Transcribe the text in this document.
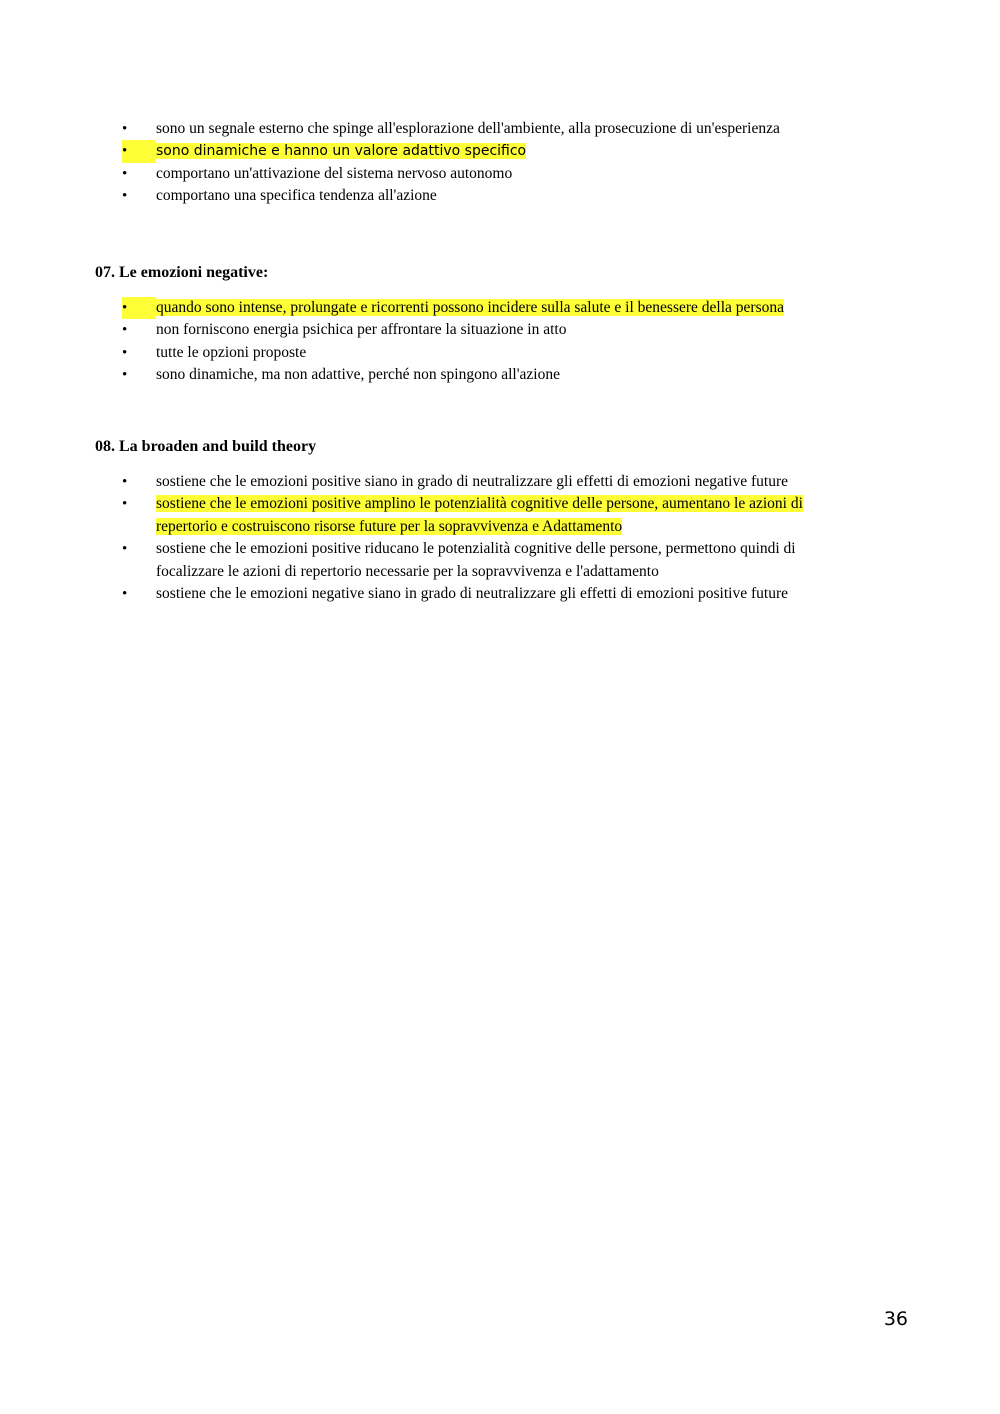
•	sono un segnale esterno che spinge all'esplorazione dell'ambiente, alla prosecuzione di un'esperienza
•	sono dinamiche e hanno un valore adattivo specifico
•	comportano un'attivazione del sistema nervoso autonomo
•	comportano una specifica tendenza all'azione

07. Le emozioni negative:

•	quando sono intense, prolungate e ricorrenti possono incidere sulla salute e il benessere della persona
•	non forniscono energia psichica per affrontare la situazione in atto
•	tutte le opzioni proposte
•	sono dinamiche, ma non adattive, perché non spingono all'azione

08. La broaden and build theory

•	sostiene che le emozioni positive siano in grado di neutralizzare gli effetti di emozioni negative future
•	sostiene che le emozioni positive amplino le potenzialità cognitive delle persone, aumentano le azioni di repertorio e costruiscono risorse future per la sopravvivenza e Adattamento
•	sostiene che le emozioni positive riducano le potenzialità cognitive delle persone, permettono quindi di focalizzare le azioni di repertorio necessarie per la sopravvivenza e l'adattamento
•	sostiene che le emozioni negative siano in grado di neutralizzare gli effetti di emozioni positive future
36
